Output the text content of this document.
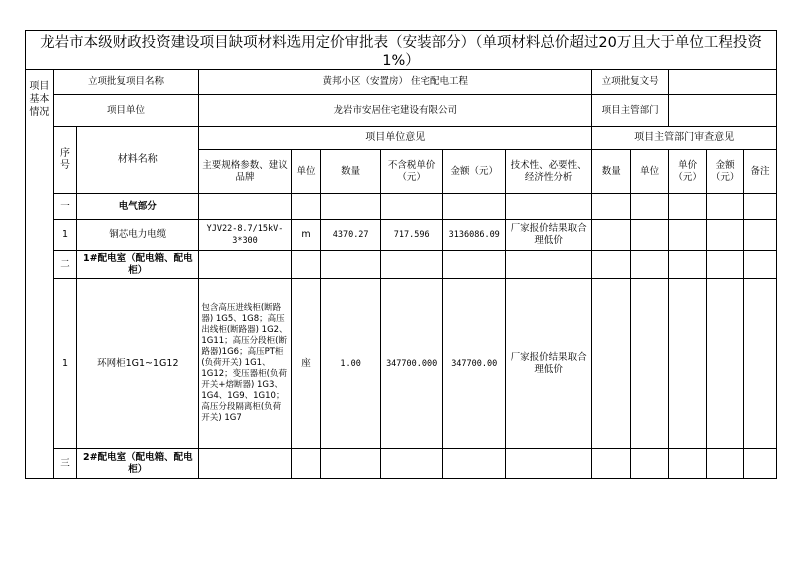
龙岩市本级财政投资建设项目缺项材料选用定价审批表（安装部分）（单项材料总价超过20万且大于单位工程投资1%）
项目基本情况	立项批复项目名称		黄邦小区（安置房） 住宅配电工程						立项批复文号				
	项目单位		龙岩市安居住宅建设有限公司						项目主管部门				
	序号	材料名称	项目单位意见						项目主管部门审查意见				
			主要规格参数、建议品牌	单位	数量	不含税单价（元）	金额（元）	技术性、必要性、经济性分析	数量	单位	单价（元）	金额（元）	备注
	一	电气部分											
	1	铜芯电力电缆	YJV22-8.7/15kV-3*300	m	4370.27	717.596	3136086.09	厂家报价结果取合理低价					
	二	1#配电室（配电箱、配电柜）											
	1	环网柜1G1~1G12	包含高压进线柜(断路器) 1G5、1G8；高压出线柜(断路器) 1G2、1G11；高压分段柜(断路器)1G6；高压PT柜(负荷开关) 1G1、1G12；变压器柜(负荷开关+熔断器) 1G3、1G4、1G9、1G10；高压分段隔离柜(负荷开关) 1G7	座	1.00	347700.000	347700.00	厂家报价结果取合理低价					
	三	2#配电室（配电箱、配电柜）											
